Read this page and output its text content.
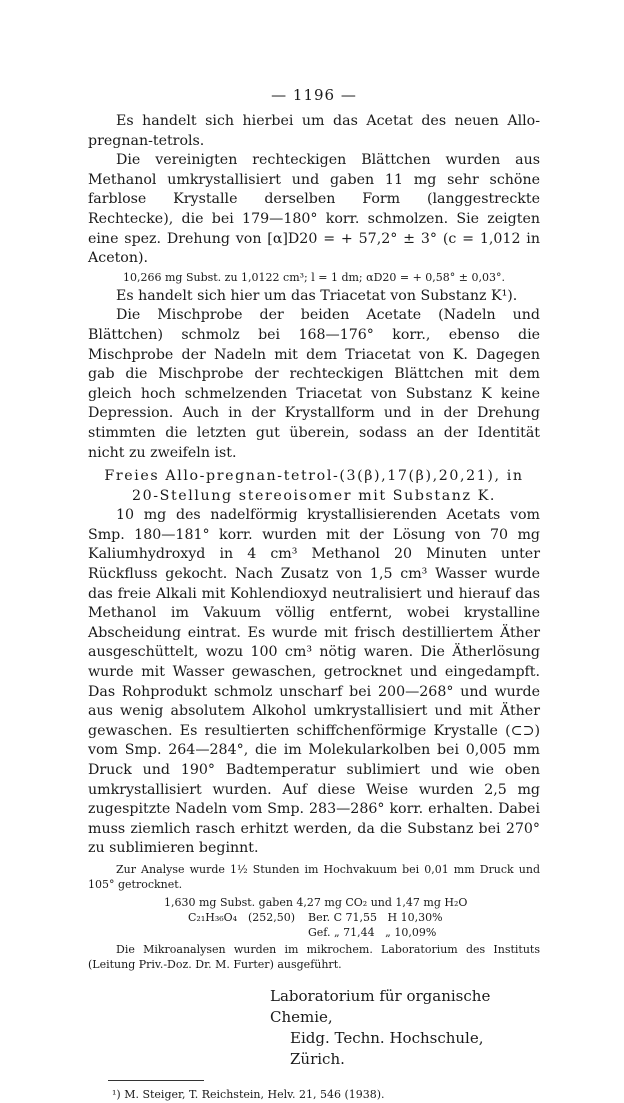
— 1196 —

Es handelt sich hierbei um das Acetat des neuen Allo-pregnan-tetrols.

Die vereinigten rechteckigen Blättchen wurden aus Methanol umkrystallisiert und gaben 11 mg sehr schöne farblose Krystalle derselben Form (langgestreckte Rechtecke), die bei 179—180° korr. schmolzen. Sie zeigten eine spez. Drehung von [α]D20 = + 57,2° ± 3° (c = 1,012 in Aceton).

10,266 mg Subst. zu 1,0122 cm³; l = 1 dm; αD20 = + 0,58° ± 0,03°.

Es handelt sich hier um das Triacetat von Substanz K¹).

Die Mischprobe der beiden Acetate (Nadeln und Blättchen) schmolz bei 168—176° korr., ebenso die Mischprobe der Nadeln mit dem Triacetat von K. Dagegen gab die Mischprobe der rechteckigen Blättchen mit dem gleich hoch schmelzenden Triacetat von Substanz K keine Depression. Auch in der Krystallform und in der Drehung stimmten die letzten gut überein, sodass an der Identität nicht zu zweifeln ist.

Freies Allo-pregnan-tetrol-(3(β),17(β),20,21), in 20-Stellung stereoisomer mit Substanz K.

10 mg des nadelförmig krystallisierenden Acetats vom Smp. 180—181° korr. wurden mit der Lösung von 70 mg Kaliumhydroxyd in 4 cm³ Methanol 20 Minuten unter Rückfluss gekocht. Nach Zusatz von 1,5 cm³ Wasser wurde das freie Alkali mit Kohlendioxyd neutralisiert und hierauf das Methanol im Vakuum völlig entfernt, wobei krystalline Abscheidung eintrat. Es wurde mit frisch destilliertem Äther ausgeschüttelt, wozu 100 cm³ nötig waren. Die Ätherlösung wurde mit Wasser gewaschen, getrocknet und eingedampft. Das Rohprodukt schmolz unscharf bei 200—268° und wurde aus wenig absolutem Alkohol umkrystallisiert und mit Äther gewaschen. Es resultierten schiffchenförmige Krystalle (⊂⊃) vom Smp. 264—284°, die im Molekularkolben bei 0,005 mm Druck und 190° Badtemperatur sublimiert und wie oben umkrystallisiert wurden. Auf diese Weise wurden 2,5 mg zugespitzte Nadeln vom Smp. 283—286° korr. erhalten. Dabei muss ziemlich rasch erhitzt werden, da die Substanz bei 270° zu sublimieren beginnt.

Zur Analyse wurde 1½ Stunden im Hochvakuum bei 0,01 mm Druck und 105° getrocknet.

1,630 mg Subst. gaben 4,27 mg CO₂ und 1,47 mg H₂O
C₂₁H₃₆O₄ (252,50)	Ber. C 71,55   H 10,30%
Gef. „ 71,44   „ 10,09%

Die Mikroanalysen wurden im mikrochem. Laboratorium des Instituts (Leitung Priv.-Doz. Dr. M. Furter) ausgeführt.

Laboratorium für organische Chemie,
Eidg. Techn. Hochschule, Zürich.
¹) M. Steiger, T. Reichstein, Helv. 21, 546 (1938).
